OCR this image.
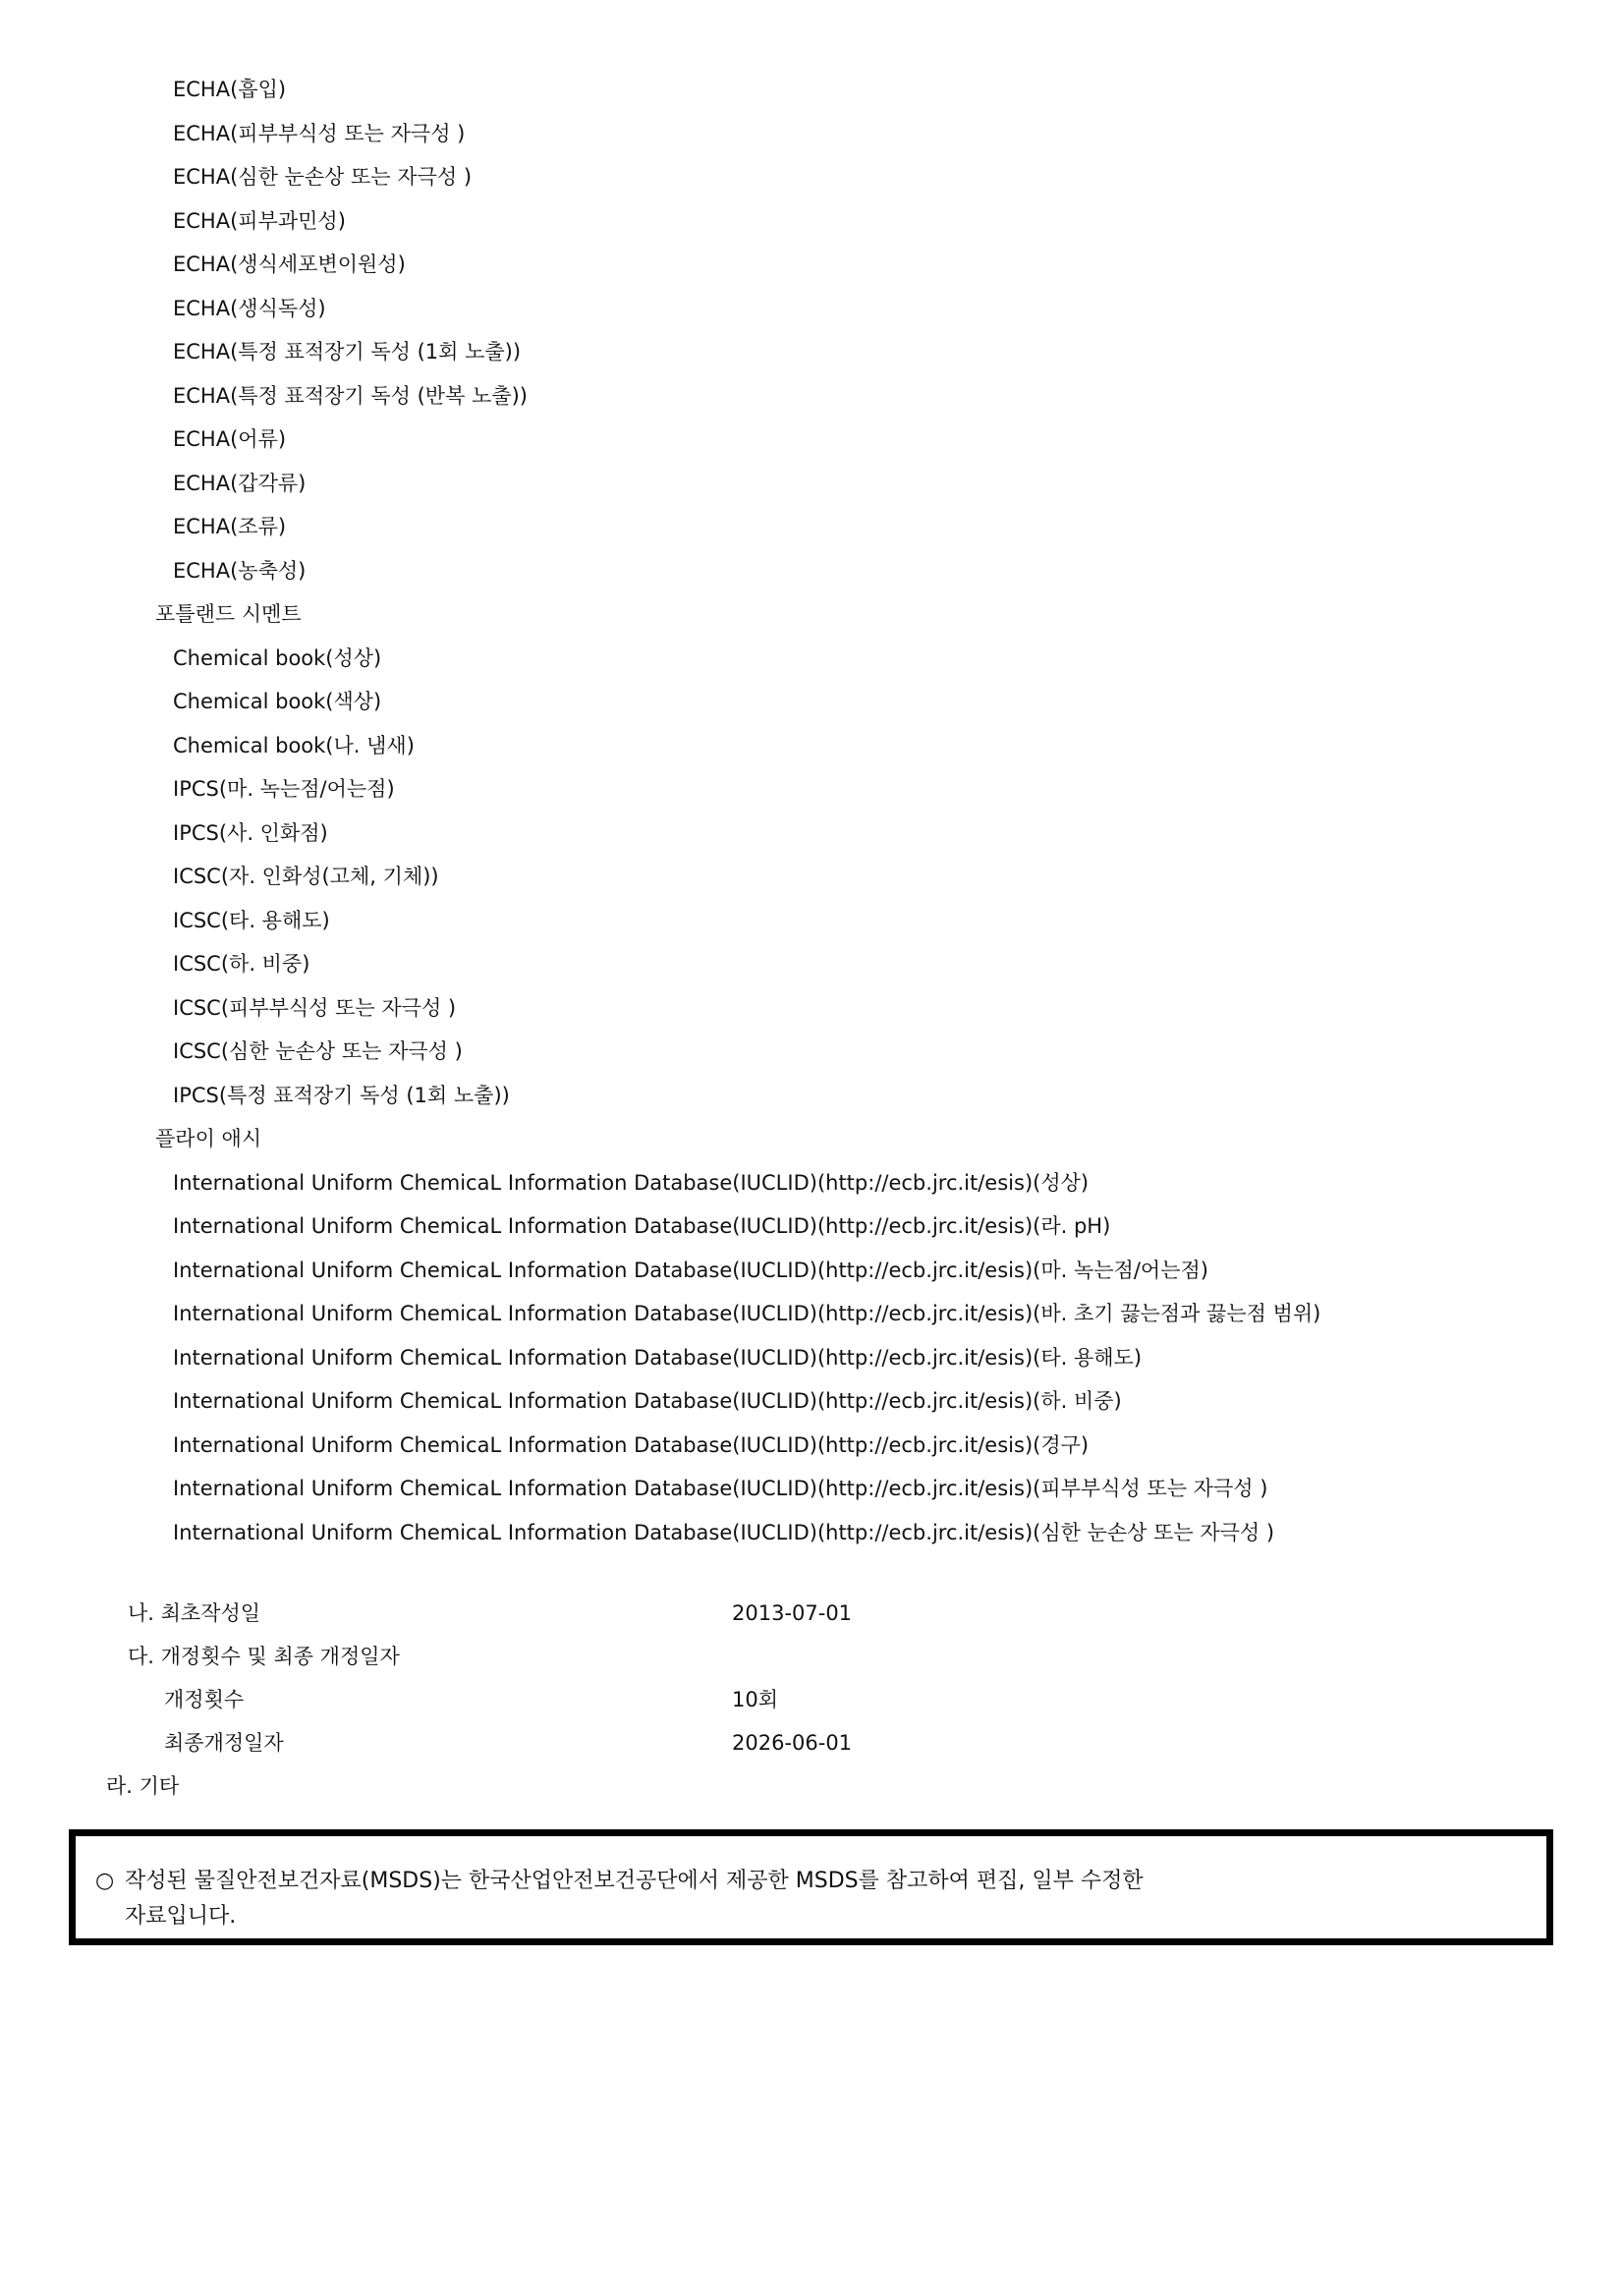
ECHA(흡입)
ECHA(피부부식성 또는 자극성 )
ECHA(심한 눈손상 또는 자극성 )
ECHA(피부과민성)
ECHA(생식세포변이원성)
ECHA(생식독성)
ECHA(특정 표적장기 독성 (1회 노출))
ECHA(특정 표적장기 독성 (반복 노출))
ECHA(어류)
ECHA(갑각류)
ECHA(조류)
ECHA(농축성)
포틀랜드 시멘트
Chemical book(성상)
Chemical book(색상)
Chemical book(나. 냄새)
IPCS(마. 녹는점/어는점)
IPCS(사. 인화점)
ICSC(자. 인화성(고체, 기체))
ICSC(타. 용해도)
ICSC(하. 비중)
ICSC(피부부식성 또는 자극성 )
ICSC(심한 눈손상 또는 자극성 )
IPCS(특정 표적장기 독성 (1회 노출))
플라이 애시
International Uniform ChemicaL Information Database(IUCLID)(http://ecb.jrc.it/esis)(성상)
International Uniform ChemicaL Information Database(IUCLID)(http://ecb.jrc.it/esis)(라. pH)
International Uniform ChemicaL Information Database(IUCLID)(http://ecb.jrc.it/esis)(마. 녹는점/어는점)
International Uniform ChemicaL Information Database(IUCLID)(http://ecb.jrc.it/esis)(바. 초기 끓는점과 끓는점 범위)
International Uniform ChemicaL Information Database(IUCLID)(http://ecb.jrc.it/esis)(타. 용해도)
International Uniform ChemicaL Information Database(IUCLID)(http://ecb.jrc.it/esis)(하. 비중)
International Uniform ChemicaL Information Database(IUCLID)(http://ecb.jrc.it/esis)(경구)
International Uniform ChemicaL Information Database(IUCLID)(http://ecb.jrc.it/esis)(피부부식성 또는 자극성 )
International Uniform ChemicaL Information Database(IUCLID)(http://ecb.jrc.it/esis)(심한 눈손상 또는 자극성 )
나. 최초작성일	2013-07-01
다. 개정횟수 및 최종 개정일자
개정횟수	10회
최종개정일자	2026-06-01
라. 기타
○ 작성된 물질안전보건자료(MSDS)는 한국산업안전보건공단에서 제공한 MSDS를 참고하여 편집, 일부 수정한
자료입니다.
